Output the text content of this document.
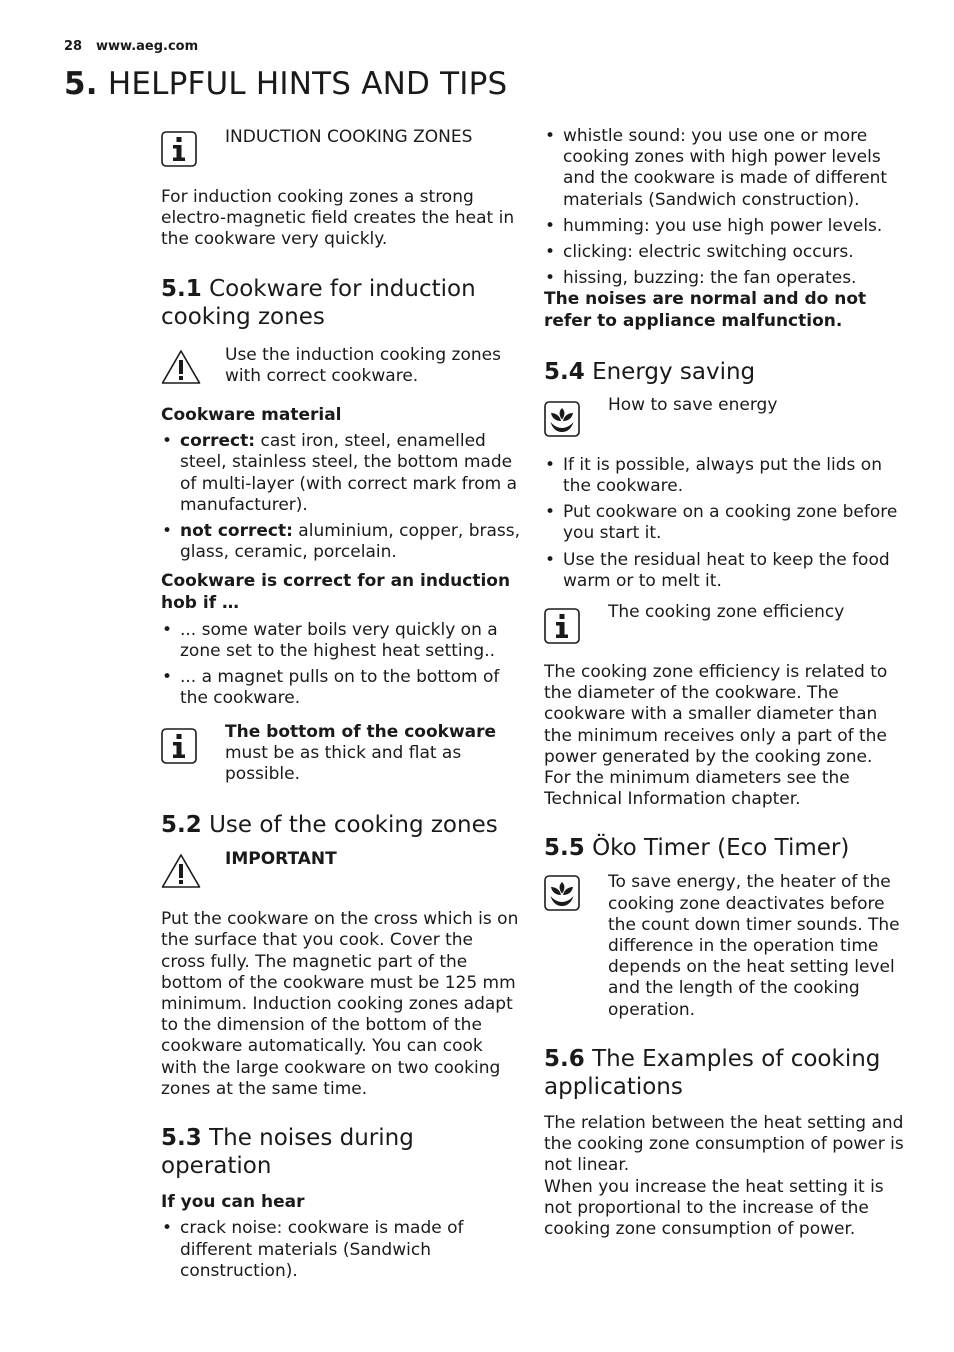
28 www.aeg.com
5. HELPFUL HINTS AND TIPS

INDUCTION COOKING ZONES

For induction cooking zones a strong electro-magnetic field creates the heat in the cookware very quickly.

5.1 Cookware for induction cooking zones

Use the induction cooking zones with correct cookware.

Cookware material

• correct: cast iron, steel, enamelled steel, stainless steel, the bottom made of multi-layer (with correct mark from a manufacturer).
• not correct: aluminium, copper, brass, glass, ceramic, porcelain.

Cookware is correct for an induction hob if …

• ... some water boils very quickly on a zone set to the highest heat setting..
• ... a magnet pulls on to the bottom of the cookware.

The bottom of the cookware
must be as thick and flat as possible.

5.2 Use of the cooking zones

IMPORTANT

Put the cookware on the cross which is on the surface that you cook. Cover the cross fully. The magnetic part of the bottom of the cookware must be 125 mm minimum. Induction cooking zones adapt to the dimension of the bottom of the cookware automatically. You can cook with the large cookware on two cooking zones at the same time.

5.3 The noises during operation

If you can hear

• crack noise: cookware is made of different materials (Sandwich construction).
• whistle sound: you use one or more cooking zones with high power levels and the cookware is made of different materials (Sandwich construction).
• humming: you use high power levels.
• clicking: electric switching occurs.
• hissing, buzzing: the fan operates.

The noises are normal and do not refer to appliance malfunction.

5.4 Energy saving

How to save energy

• If it is possible, always put the lids on the cookware.
• Put cookware on a cooking zone before you start it.
• Use the residual heat to keep the food warm or to melt it.

The cooking zone efficiency

The cooking zone efficiency is related to the diameter of the cookware. The cookware with a smaller diameter than the minimum receives only a part of the power generated by the cooking zone. For the minimum diameters see the Technical Information chapter.

5.5 Öko Timer (Eco Timer)

To save energy, the heater of the cooking zone deactivates before the count down timer sounds. The difference in the operation time depends on the heat setting level and the length of the cooking operation.

5.6 The Examples of cooking applications

The relation between the heat setting and the cooking zone consumption of power is not linear.

When you increase the heat setting it is not proportional to the increase of the cooking zone consumption of power.
